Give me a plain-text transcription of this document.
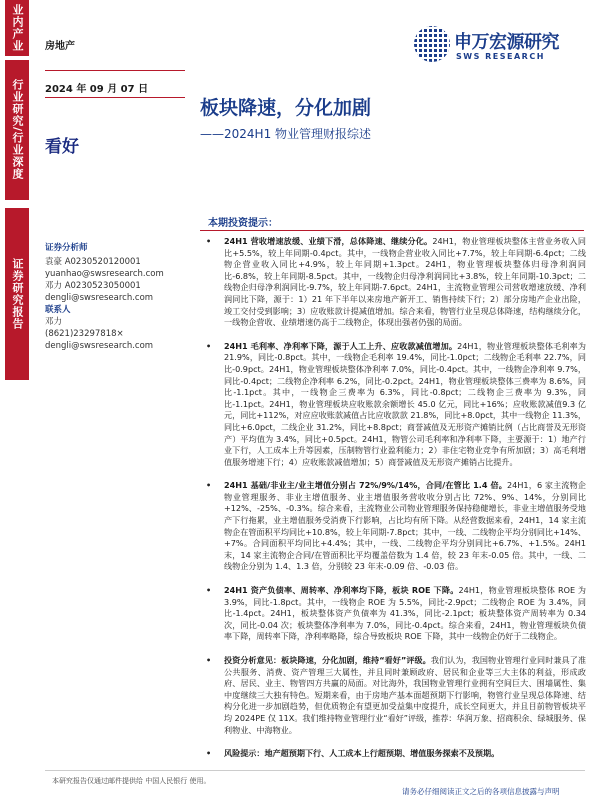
业内产业
行业研究/行业深度
证券研究报告
房地产
2024 年 09 月 07 日
看好
申万宏源研究
SWS RESEARCH
板块降速，分化加剧
——2024H1 物业管理财报综述
证券分析师
袁豪 A0230520120001
yuanhao@swsresearch.com
邓力 A0230523050001
dengli@swsresearch.com
联系人
邓力
(8621)23297818×
dengli@swsresearch.com
本期投资提示：
• 24H1 营收增速放缓、业绩下滑，总体降速、继续分化。24H1，物业管理板块整体主营业务收入同比+5.5%，较上年同期-0.4pct。其中，一线物企营业收入同比+7.7%，较上年同期-6.4pct；二线物企营业收入同比+4.9%，较上年同期+1.3pct。24H1，物业管理板块整体归母净利润同比-6.8%，较上年同期-8.5pct。其中，一线物企归母净利润同比+3.8%，较上年同期-10.3pct；二线物企归母净利润同比-9.7%，较上年同期-7.6pct。24H1，主流物业管理公司营收增速放缓、净利润同比下降，源于：1）21 年下半年以来房地产新开工、销售持续下行；2）部分房地产企业出险，竣工交付受到影响；3）应收账款计提减值增加。综合来看，物管行业呈现总体降速，结构继续分化，一线物企营收、业绩增速仍高于二线物企，体现出强者仍强的局面。
• 24H1 毛利率、净利率下降，源于人工上升、应收款减值增加。24H1，物业管理板块整体毛利率为 21.9%，同比-0.8pct。其中，一线物企毛利率 19.4%，同比-1.0pct；二线物企毛利率 22.7%，同比-0.9pct。24H1，物业管理板块整体净利率 7.0%，同比-0.4pct。其中，一线物企净利率 9.7%，同比-0.4pct；二线物企净利率 6.2%，同比-0.2pct。24H1，物业管理板块整体三费率为 8.6%，同比-1.1pct。其中，一线物企三费率为 6.3%，同比-0.8pct；二线物企三费率为 9.3%，同比-1.1pct。24H1，物业管理板块应收账款余额增长 45.0 亿元，同比+16%；应收账款减值9.3 亿元，同比+112%，对应应收账款减值占比应收款款 21.8%，同比+8.0pct，其中一线物企 11.3%，同比+6.0pct，二线企业 31.2%，同比+8.8pct；商誉减值及无形资产摊销比例（占比商誉及无形资产）平均值为 3.4%，同比+0.5pct。24H1，物管公司毛利率和净利率下降，主要源于：1）地产行业下行，人工成本上升等因素，压制物管行业盈利能力；2）非住宅物业竞争有所加剧；3）高毛利增值服务增速下行；4）应收账款减值增加；5）商誉减值及无形资产摊销占比提升。
• 24H1 基础/非业主/业主增值分别占 72%/9%/14%，合同/在管比 1.4 倍。24H1，6 家主流物企物业管理服务、非业主增值服务、业主增值服务营收收分别占比 72%、9%、14%，分别同比+12%、-25%、-0.3%。综合来看，主流物业公司物业管理服务保持稳健增长，非业主增值服务受地产下行拖累，业主增值服务受消费下行影响，占比均有所下降。从经营数据来看，24H1，14 家主流物企在管面积平均同比+10.8%，较上年同期-7.8pct；其中，一线、二线物企平均分别同比+14%、+7%。合同面积平均同比+4.4%；其中，一线、二线物企平均分别同比+6.7%、+1.5%。24H1 末，14 家主流物企合同/在管面积比平均覆盖倍数为 1.4 倍，较 23 年末-0.05 倍。其中，一线、二线物企分别为 1.4、1.3 倍，分别较 23 年末-0.09 倍、-0.03 倍。
• 24H1 资产负债率、周转率、净利率均下降，板块 ROE 下降。24H1，物业管理板块整体 ROE 为 3.9%，同比-1.8pct。其中，一线物企 ROE 为 5.5%，同比-2.9pct；二线物企 ROE 为 3.4%，同比-1.4pct。24H1，板块整体资产负债率为 41.3%，同比-2.1pct；板块整体资产周转率为 0.34 次，同比-0.04 次；板块整体净利率为 7.0%，同比-0.4pct。综合来看，24H1，物业管理板块负债率下降，周转率下降，净利率略降，综合导致板块 ROE 下降，其中一线物企仍好于二线物企。
• 投资分析意见：板块降速，分化加剧，维持“看好”评级。我们认为，我国物业管理行业同时兼具了准公共服务、消费、资产管理三大属性，并且同时兼顾政府、居民和企业等三大主体的利益，形成政府、居民、业主、物管四方共赢的局面。对比海外，我国物业管理行业拥有空间巨大、围墙属性、集中度继续三大独有特色。短期来看，由于房地产基本面超预期下行影响，物管行业呈现总体降速、结构分化进一步加剧趋势，但优质物企有望更加受益集中度提升，成长空间更大，并且目前物管板块平均 2024PE 仅 11X。我们维持物业管理行业“看好”评级，推荐：华润万象、招商积余、绿城服务、保利物业、中海物业。
• 风险提示：地产超预期下行、人工成本上行超预期、增值服务探索不及预期。
本研究报告仅通过邮件提供给 中国人民银行 使用。
请务必仔细阅读正文之后的各项信息披露与声明
